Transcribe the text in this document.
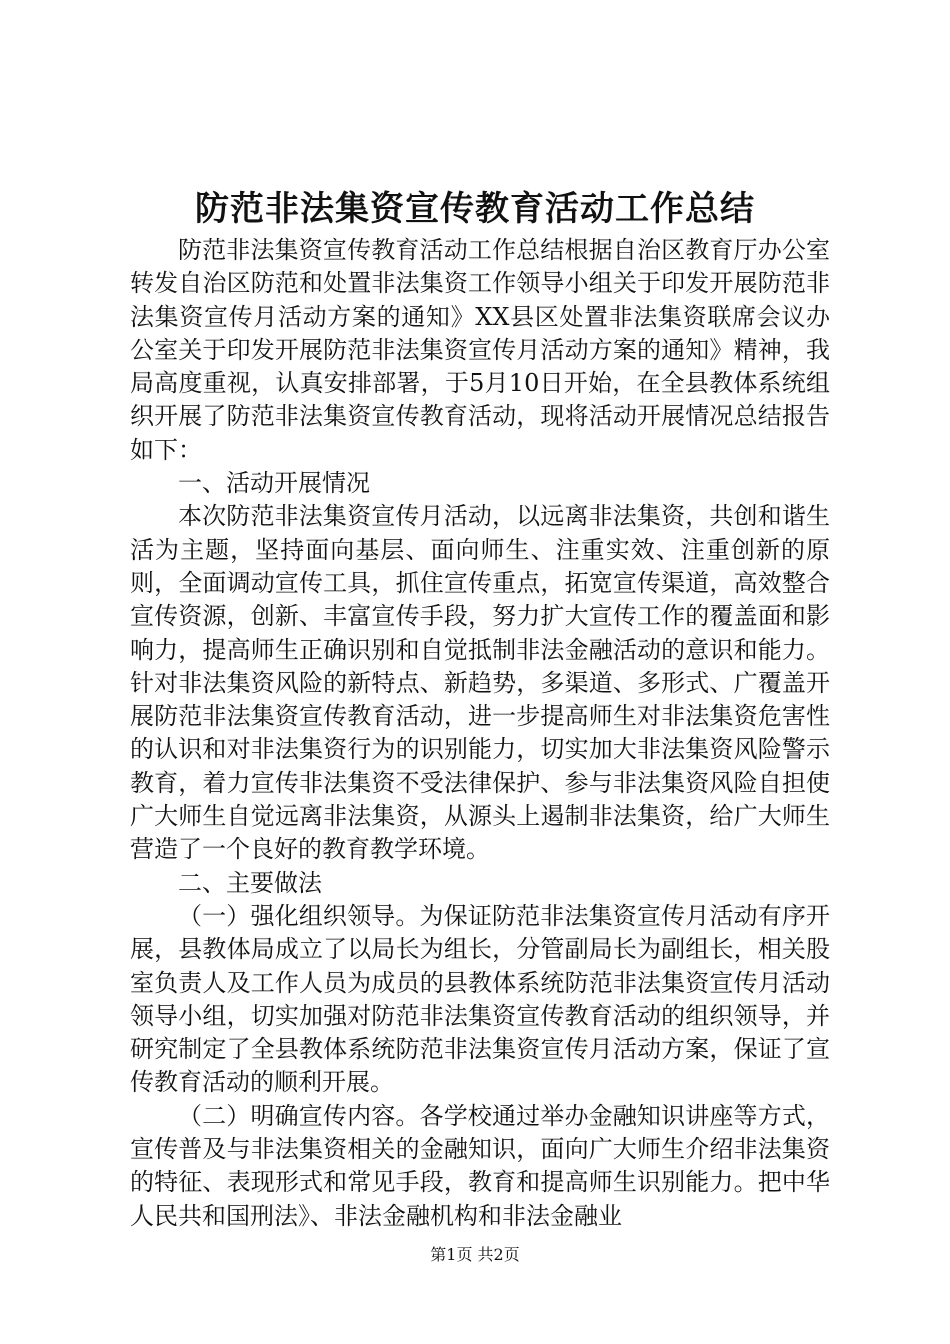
防范非法集资宣传教育活动工作总结

防范非法集资宣传教育活动工作总结根据自治区教育厅办公室转发自治区防范和处置非法集资工作领导小组关于印发开展防范非法集资宣传月活动方案的通知》XX县区处置非法集资联席会议办公室关于印发开展防范非法集资宣传月活动方案的通知》精神，我局高度重视，认真安排部署，于5月10日开始，在全县教体系统组织开展了防范非法集资宣传教育活动，现将活动开展情况总结报告如下：

一、活动开展情况

本次防范非法集资宣传月活动，以远离非法集资，共创和谐生活为主题，坚持面向基层、面向师生、注重实效、注重创新的原则，全面调动宣传工具，抓住宣传重点，拓宽宣传渠道，高效整合宣传资源，创新、丰富宣传手段，努力扩大宣传工作的覆盖面和影响力，提高师生正确识别和自觉抵制非法金融活动的意识和能力。针对非法集资风险的新特点、新趋势，多渠道、多形式、广覆盖开展防范非法集资宣传教育活动，进一步提高师生对非法集资危害性的认识和对非法集资行为的识别能力，切实加大非法集资风险警示教育，着力宣传非法集资不受法律保护、参与非法集资风险自担使广大师生自觉远离非法集资，从源头上遏制非法集资，给广大师生营造了一个良好的教育教学环境。

二、主要做法

（一）强化组织领导。为保证防范非法集资宣传月活动有序开展，县教体局成立了以局长为组长，分管副局长为副组长，相关股室负责人及工作人员为成员的县教体系统防范非法集资宣传月活动领导小组，切实加强对防范非法集资宣传教育活动的组织领导，并研究制定了全县教体系统防范非法集资宣传月活动方案，保证了宣传教育活动的顺利开展。

（二）明确宣传内容。各学校通过举办金融知识讲座等方式，宣传普及与非法集资相关的金融知识，面向广大师生介绍非法集资的特征、表现形式和常见手段，教育和提高师生识别能力。把中华人民共和国刑法》、非法金融机构和非法金融业

第1页 共2页
